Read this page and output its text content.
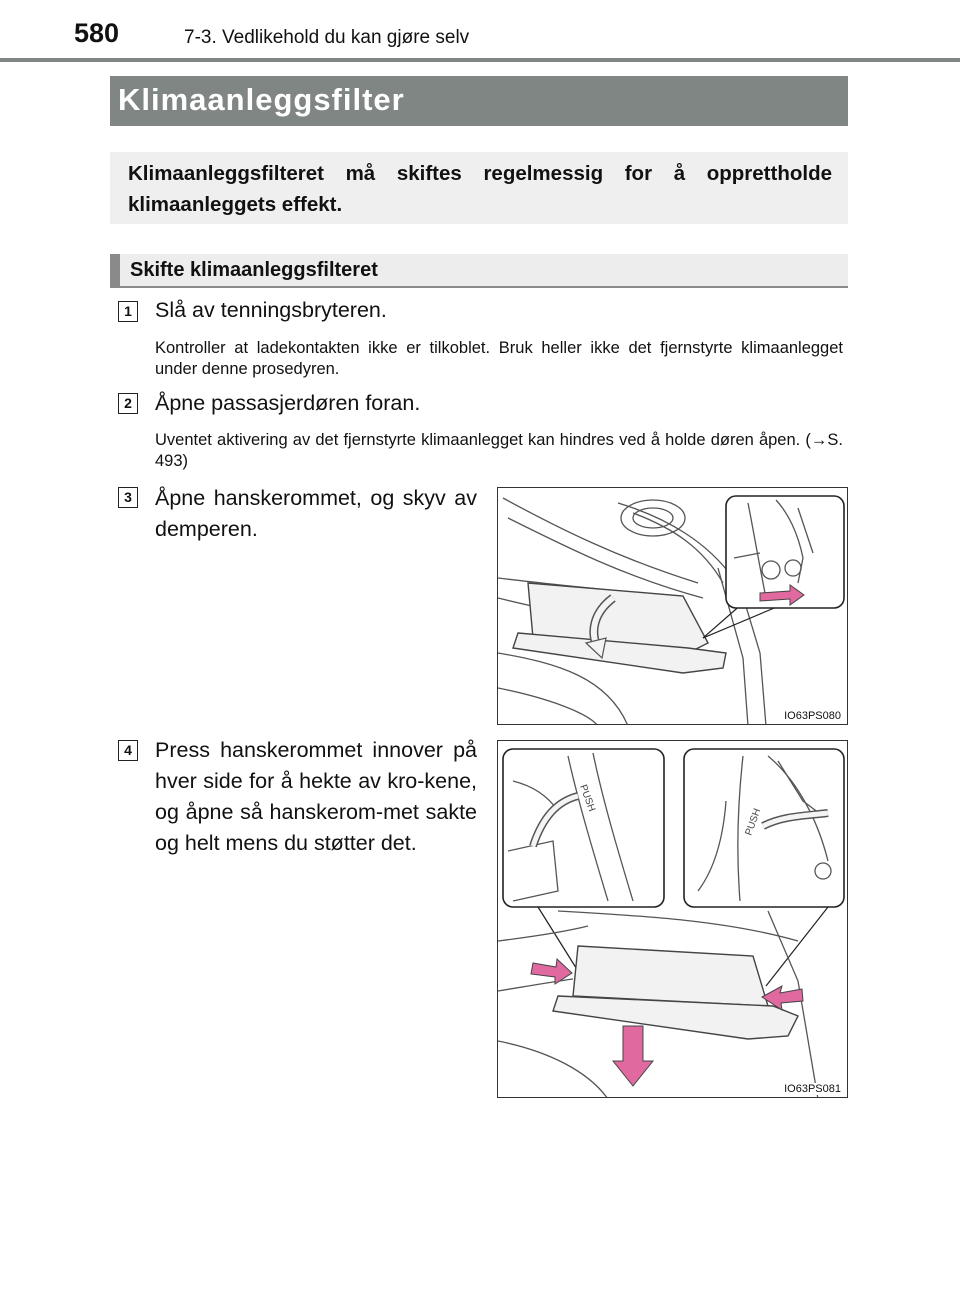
580	7-3. Vedlikehold du kan gjøre selv
Klimaanleggsfilter
Klimaanleggsfilteret må skiftes regelmessig for å opprettholde klimaanleggets effekt.
Skifte klimaanleggsfilteret
1 Slå av tenningsbryteren.
Kontroller at ladekontakten ikke er tilkoblet. Bruk heller ikke det fjernstyrte klimaanlegget under denne prosedyren.
2 Åpne passasjerdøren foran.
Uventet aktivering av det fjernstyrte klimaanlegget kan hindres ved å holde døren åpen. (→S. 493)
3 Åpne hanskerommet, og skyv av demperen.
IO63PS080
4 Press hanskerommet innover på hver side for å hekte av kro-kene, og åpne så hanskerom-met sakte og helt mens du støtter det.
PUSH
PUSH
IO63PS081
